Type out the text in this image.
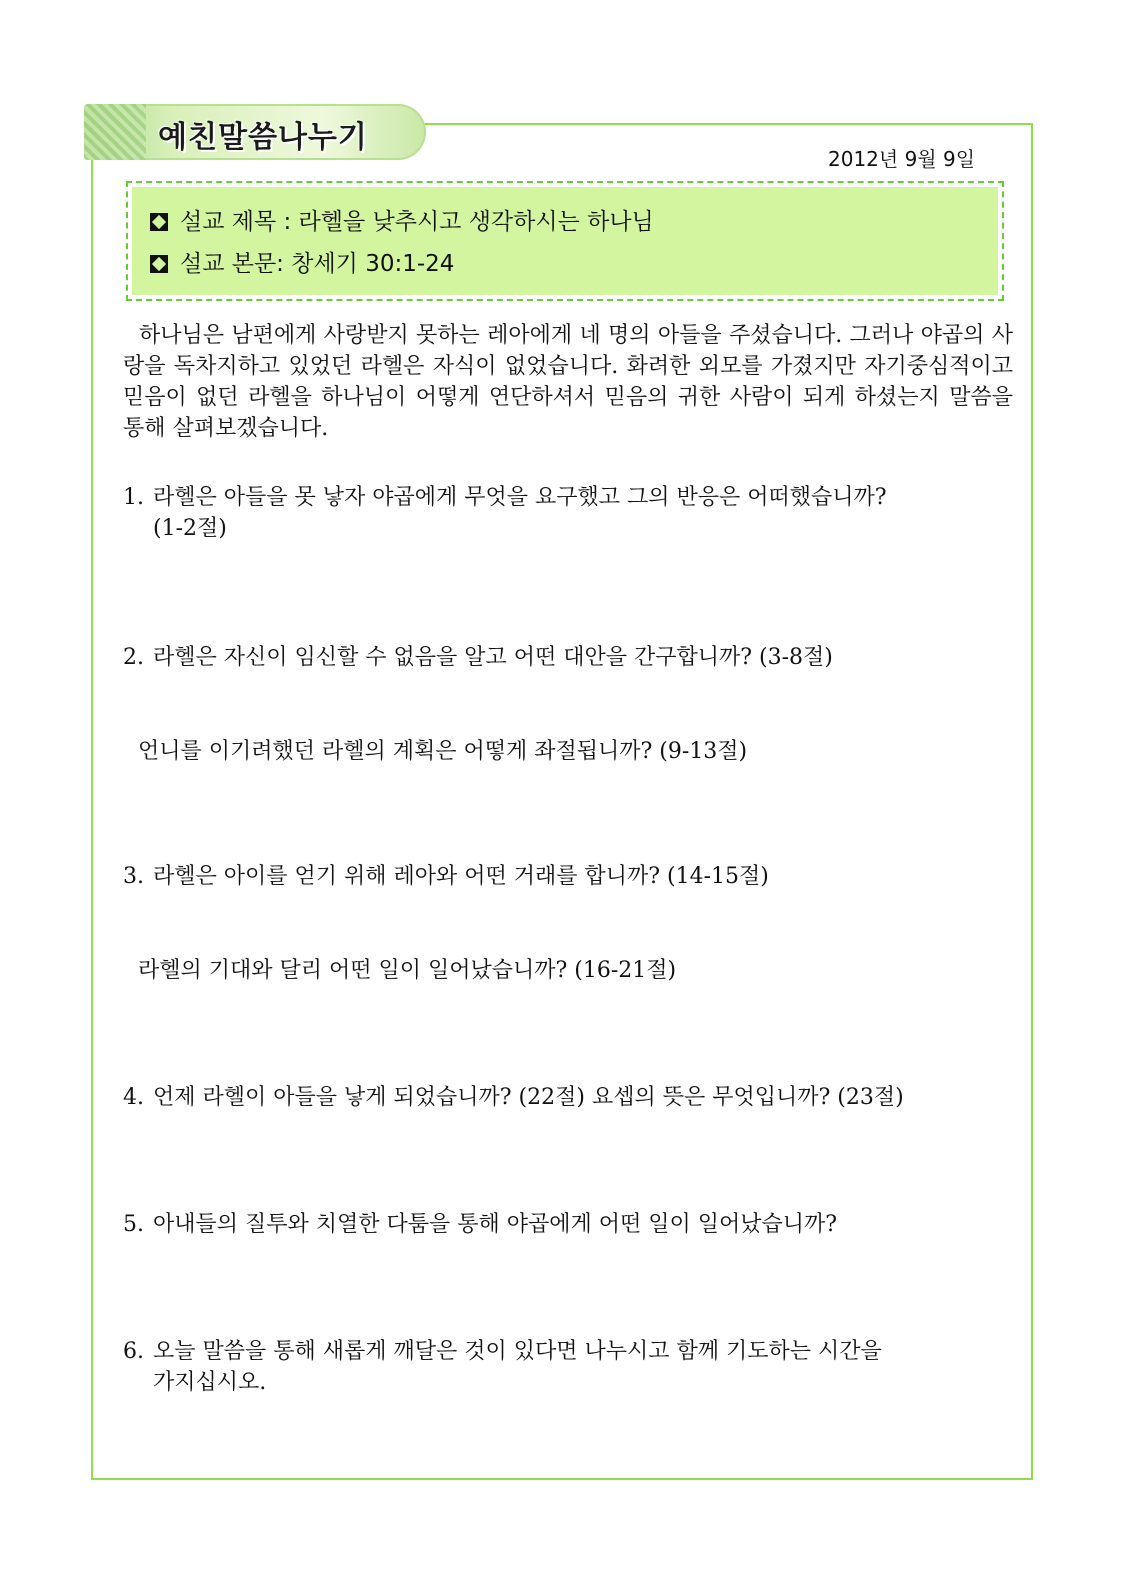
예친말씀나누기
2012년 9월 9일
설교 제목 : 라헬을 낮추시고 생각하시는 하나님
설교 본문: 창세기 30:1-24
하나님은 남편에게 사랑받지 못하는 레아에게 네 명의 아들을 주셨습니다. 그러나 야곱의 사랑을 독차지하고 있었던 라헬은 자식이 없었습니다. 화려한 외모를 가졌지만 자기중심적이고 믿음이 없던 라헬을 하나님이 어떻게 연단하셔서 믿음의 귀한 사람이 되게 하셨는지 말씀을 통해 살펴보겠습니다.
1. 라헬은 아들을 못 낳자 야곱에게 무엇을 요구했고 그의 반응은 어떠했습니까?
(1-2절)
2. 라헬은 자신이 임신할 수 없음을 알고 어떤 대안을 간구합니까? (3-8절)
언니를 이기려했던 라헬의 계획은 어떻게 좌절됩니까? (9-13절)
3. 라헬은 아이를 얻기 위해 레아와 어떤 거래를 합니까? (14-15절)
라헬의 기대와 달리 어떤 일이 일어났습니까? (16-21절)
4. 언제 라헬이 아들을 낳게 되었습니까? (22절) 요셉의 뜻은 무엇입니까? (23절)
5. 아내들의 질투와 치열한 다툼을 통해 야곱에게 어떤 일이 일어났습니까?
6. 오늘 말씀을 통해 새롭게 깨달은 것이 있다면 나누시고 함께 기도하는 시간을
가지십시오.
